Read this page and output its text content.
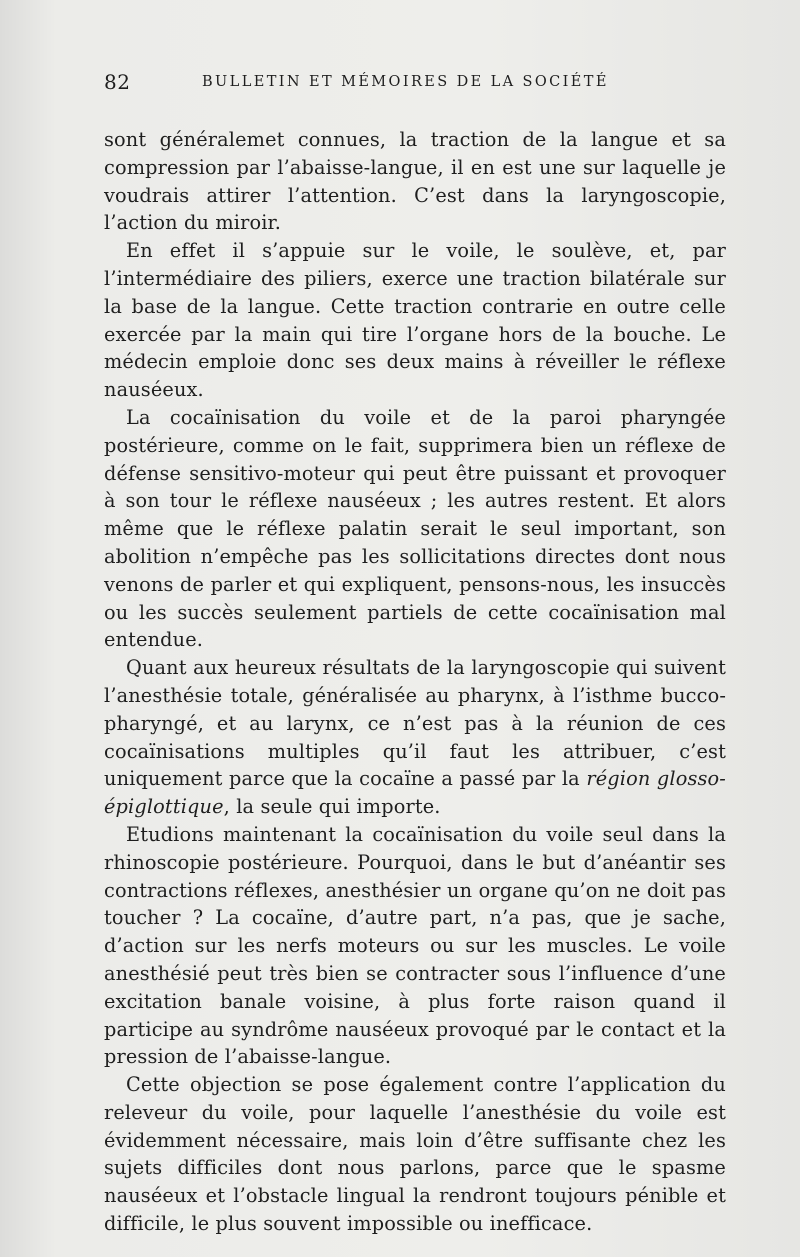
82	BULLETIN ET MÉMOIRES DE LA SOCIÉTÉ

sont généralemet connues, la traction de la langue et sa compression par l’abaisse-langue, il en est une sur laquelle je voudrais attirer l’attention. C’est dans la laryngoscopie, l’action du miroir.

En effet il s’appuie sur le voile, le soulève, et, par l’intermédiaire des piliers, exerce une traction bilatérale sur la base de la langue. Cette traction contrarie en outre celle exercée par la main qui tire l’organe hors de la bouche. Le médecin emploie donc ses deux mains à réveiller le réflexe nauséeux.

La cocaïnisation du voile et de la paroi pharyngée postérieure, comme on le fait, supprimera bien un réflexe de défense sensitivo-moteur qui peut être puissant et provoquer à son tour le réflexe nauséeux ; les autres restent. Et alors même que le réflexe palatin serait le seul important, son abolition n’empêche pas les sollicitations directes dont nous venons de parler et qui expliquent, pensons-nous, les insuccès ou les succès seulement partiels de cette cocaïnisation mal entendue.

Quant aux heureux résultats de la laryngoscopie qui suivent l’anesthésie totale, généralisée au pharynx, à l’isthme bucco-pharyngé, et au larynx, ce n’est pas à la réunion de ces cocaïnisations multiples qu’il faut les attribuer, c’est uniquement parce que la cocaïne a passé par la région glosso-épiglottique, la seule qui importe.

Etudions maintenant la cocaïnisation du voile seul dans la rhinoscopie postérieure. Pourquoi, dans le but d’anéantir ses contractions réflexes, anesthésier un organe qu’on ne doit pas toucher ? La cocaïne, d’autre part, n’a pas, que je sache, d’action sur les nerfs moteurs ou sur les muscles. Le voile anesthésié peut très bien se contracter sous l’influence d’une excitation banale voisine, à plus forte raison quand il participe au syndrôme nauséeux provoqué par le contact et la pression de l’abaisse-langue.

Cette objection se pose également contre l’application du releveur du voile, pour laquelle l’anesthésie du voile est évidemment nécessaire, mais loin d’être suffisante chez les sujets difficiles dont nous parlons, parce que le spasme nauséeux et l’obstacle lingual la rendront toujours pénible et difficile, le plus souvent impossible ou inefficace.
